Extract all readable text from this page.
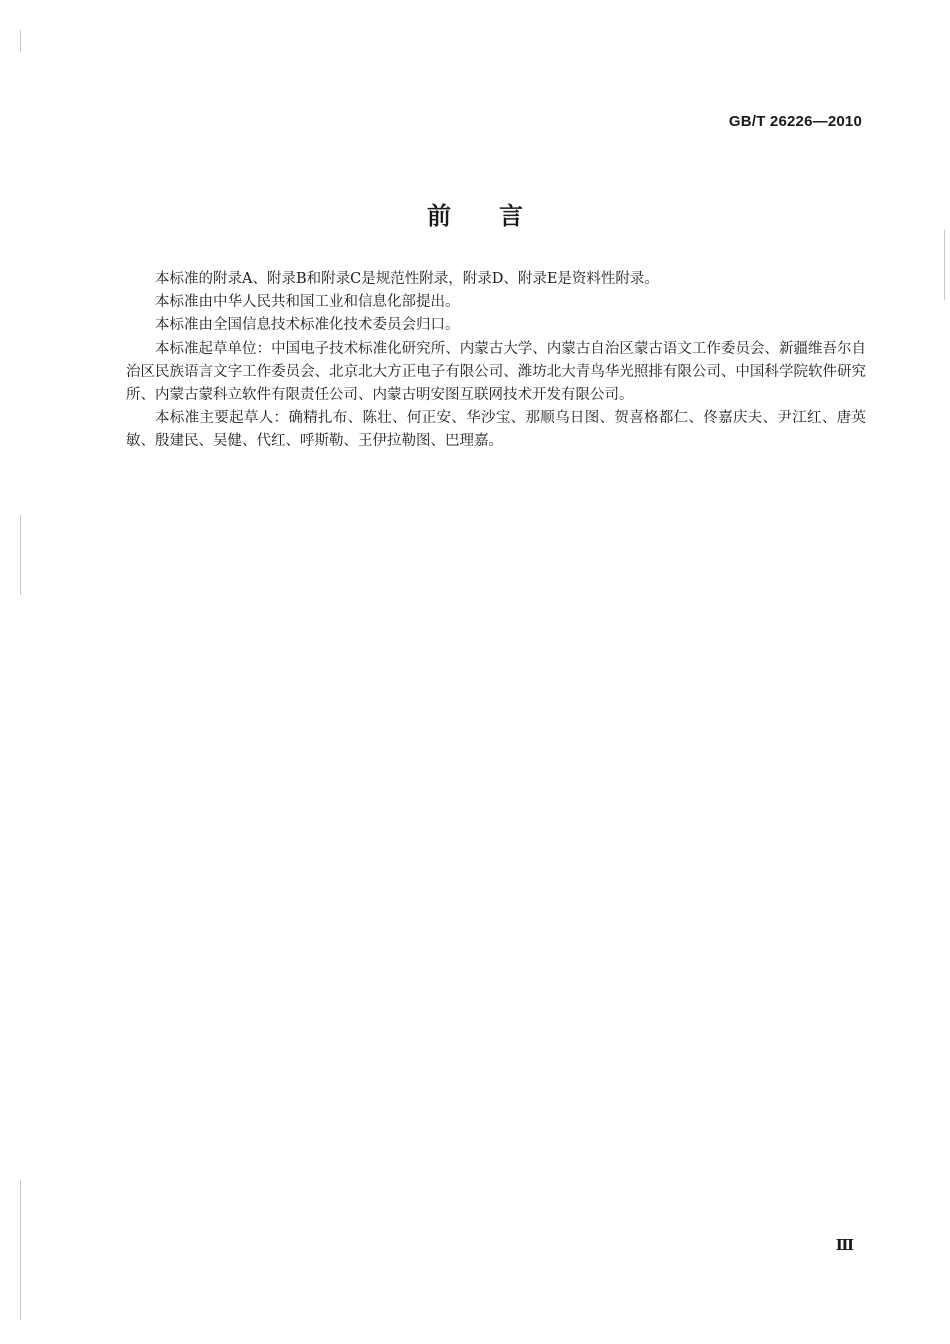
GB/T 26226—2010
前言

本标准的附录A、附录B和附录C是规范性附录，附录D、附录E是资料性附录。

本标准由中华人民共和国工业和信息化部提出。

本标准由全国信息技术标准化技术委员会归口。

本标准起草单位：中国电子技术标准化研究所、内蒙古大学、内蒙古自治区蒙古语文工作委员会、新疆维吾尔自治区民族语言文字工作委员会、北京北大方正电子有限公司、潍坊北大青鸟华光照排有限公司、中国科学院软件研究所、内蒙古蒙科立软件有限责任公司、内蒙古明安图互联网技术开发有限公司。

本标准主要起草人：确精扎布、陈壮、何正安、华沙宝、那顺乌日图、贺喜格都仁、佟嘉庆夫、尹江红、唐英敏、殷建民、吴健、代红、呼斯勒、王伊拉勒图、巴理嘉。

Ⅲ
